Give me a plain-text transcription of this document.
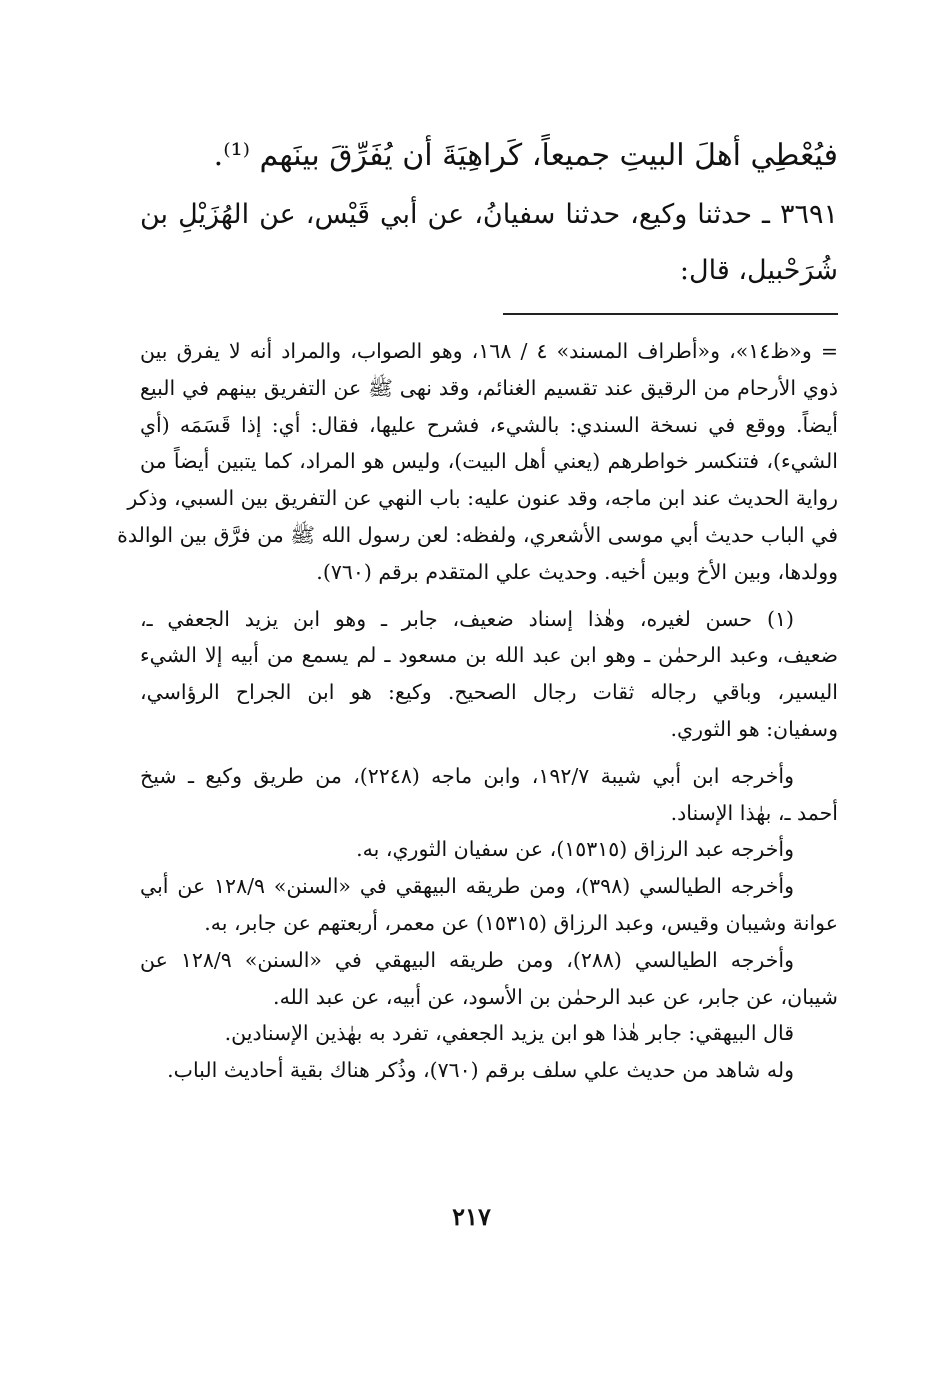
فيُعْطِي أهلَ البيتِ جميعاً، كَراهِيَةَ أن يُفَرِّقَ بينَهم ⁽¹⁾.
٣٦٩١ ـ حدثنا وكيع، حدثنا سفيانُ، عن أبي قَيْس، عن الهُزَيْلِ بن
شُرَحْبيل، قال:
= و«ظ١٤»، و«أطراف المسند» ٤ / ١٦٨، وهو الصواب، والمراد أنه لا يفرق بين
ذوي الأرحام من الرقيق عند تقسيم الغنائم، وقد نهى ﷺ عن التفريق بينهم في البيع
أيضاً. ووقع في نسخة السندي: بالشيء، فشرح عليها، فقال: أي: إذا قَسَمَه (أي
الشيء)، فتنكسر خواطرهم (يعني أهل البيت)، وليس هو المراد، كما يتبين أيضاً من
رواية الحديث عند ابن ماجه، وقد عنون عليه: باب النهي عن التفريق بين السبي، وذكر
في الباب حديث أبي موسى الأشعري، ولفظه: لعن رسول الله ﷺ من فرَّق بين الوالدة
وولدها، وبين الأخ وبين أخيه. وحديث علي المتقدم برقم (٧٦٠).
(١) حسن لغيره، وهٰذا إسناد ضعيف، جابر ـ وهو ابن يزيد الجعفي ـ،
ضعيف، وعبد الرحمٰن ـ وهو ابن عبد الله بن مسعود ـ لم يسمع من أبيه إلا الشيء
اليسير، وباقي رجاله ثقات رجال الصحيح. وكيع: هو ابن الجراح الرؤاسي،
وسفيان: هو الثوري.
وأخرجه ابن أبي شيبة ١٩٢/٧، وابن ماجه (٢٢٤٨)، من طريق وكيع ـ شيخ
أحمد ـ، بهٰذا الإسناد.
وأخرجه عبد الرزاق (١٥٣١٥)، عن سفيان الثوري، به.
وأخرجه الطيالسي (٣٩٨)، ومن طريقه البيهقي في «السنن» ١٢٨/٩ عن أبي
عوانة وشيبان وقيس، وعبد الرزاق (١٥٣١٥) عن معمر، أربعتهم عن جابر، به.
وأخرجه الطيالسي (٢٨٨)، ومن طريقه البيهقي في «السنن» ١٢٨/٩ عن
شيبان، عن جابر، عن عبد الرحمٰن بن الأسود، عن أبيه، عن عبد الله.
قال البيهقي: جابر هٰذا هو ابن يزيد الجعفي، تفرد به بهٰذين الإسنادين.
وله شاهد من حديث علي سلف برقم (٧٦٠)، وذُكر هناك بقية أحاديث الباب.
٢١٧
